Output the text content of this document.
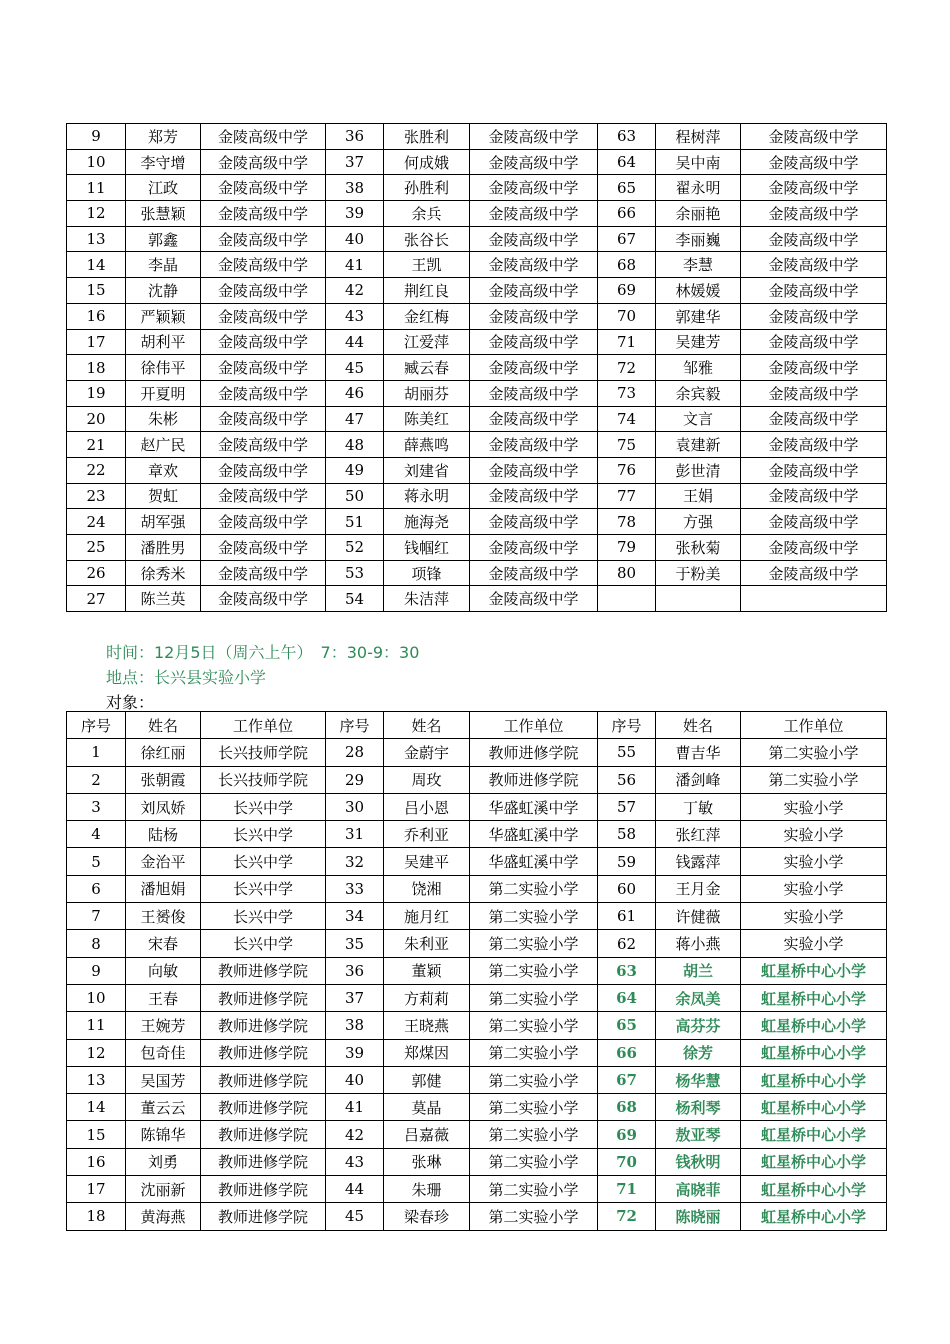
9	郑芳	金陵高级中学	36	张胜利	金陵高级中学	63	程树萍	金陵高级中学
10	李守增	金陵高级中学	37	何成娥	金陵高级中学	64	吴中南	金陵高级中学
11	江政	金陵高级中学	38	孙胜利	金陵高级中学	65	翟永明	金陵高级中学
12	张慧颖	金陵高级中学	39	余兵	金陵高级中学	66	余丽艳	金陵高级中学
13	郭鑫	金陵高级中学	40	张谷长	金陵高级中学	67	李丽巍	金陵高级中学
14	李晶	金陵高级中学	41	王凯	金陵高级中学	68	李慧	金陵高级中学
15	沈静	金陵高级中学	42	荆红良	金陵高级中学	69	林媛媛	金陵高级中学
16	严颖颖	金陵高级中学	43	金红梅	金陵高级中学	70	郭建华	金陵高级中学
17	胡利平	金陵高级中学	44	江爱萍	金陵高级中学	71	吴建芳	金陵高级中学
18	徐伟平	金陵高级中学	45	臧云春	金陵高级中学	72	邹雅	金陵高级中学
19	开夏明	金陵高级中学	46	胡丽芬	金陵高级中学	73	余宾毅	金陵高级中学
20	朱彬	金陵高级中学	47	陈美红	金陵高级中学	74	文言	金陵高级中学
21	赵广民	金陵高级中学	48	薛燕鸣	金陵高级中学	75	袁建新	金陵高级中学
22	章欢	金陵高级中学	49	刘建省	金陵高级中学	76	彭世清	金陵高级中学
23	贺虹	金陵高级中学	50	蒋永明	金陵高级中学	77	王娟	金陵高级中学
24	胡军强	金陵高级中学	51	施海尧	金陵高级中学	78	方强	金陵高级中学
25	潘胜男	金陵高级中学	52	钱帼红	金陵高级中学	79	张秋菊	金陵高级中学
26	徐秀米	金陵高级中学	53	项锋	金陵高级中学	80	于粉美	金陵高级中学
27	陈兰英	金陵高级中学	54	朱洁萍	金陵高级中学			
时间：12月5日（周六上午）　7：30-9：30
地点：长兴县实验小学
对象：
序号	姓名	工作单位	序号	姓名	工作单位	序号	姓名	工作单位
1	徐红丽	长兴技师学院	28	金蔚宇	教师进修学院	55	曹吉华	第二实验小学
2	张朝霞	长兴技师学院	29	周玫	教师进修学院	56	潘剑峰	第二实验小学
3	刘凤娇	长兴中学	30	吕小恩	华盛虹溪中学	57	丁敏	实验小学
4	陆杨	长兴中学	31	乔利亚	华盛虹溪中学	58	张红萍	实验小学
5	金治平	长兴中学	32	吴建平	华盛虹溪中学	59	钱露萍	实验小学
6	潘旭娟	长兴中学	33	饶湘	第二实验小学	60	王月金	实验小学
7	王赟俊	长兴中学	34	施月红	第二实验小学	61	许健薇	实验小学
8	宋春	长兴中学	35	朱利亚	第二实验小学	62	蒋小燕	实验小学
9	向敏	教师进修学院	36	董颖	第二实验小学	63	胡兰	虹星桥中心小学
10	王春	教师进修学院	37	方莉莉	第二实验小学	64	余凤美	虹星桥中心小学
11	王婉芳	教师进修学院	38	王晓燕	第二实验小学	65	高芬芬	虹星桥中心小学
12	包奇佳	教师进修学院	39	郑煤因	第二实验小学	66	徐芳	虹星桥中心小学
13	吴国芳	教师进修学院	40	郭健	第二实验小学	67	杨华慧	虹星桥中心小学
14	董云云	教师进修学院	41	莫晶	第二实验小学	68	杨利琴	虹星桥中心小学
15	陈锦华	教师进修学院	42	吕嘉薇	第二实验小学	69	敖亚琴	虹星桥中心小学
16	刘勇	教师进修学院	43	张琳	第二实验小学	70	钱秋明	虹星桥中心小学
17	沈丽新	教师进修学院	44	朱珊	第二实验小学	71	高晓菲	虹星桥中心小学
18	黄海燕	教师进修学院	45	梁春珍	第二实验小学	72	陈晓丽	虹星桥中心小学
